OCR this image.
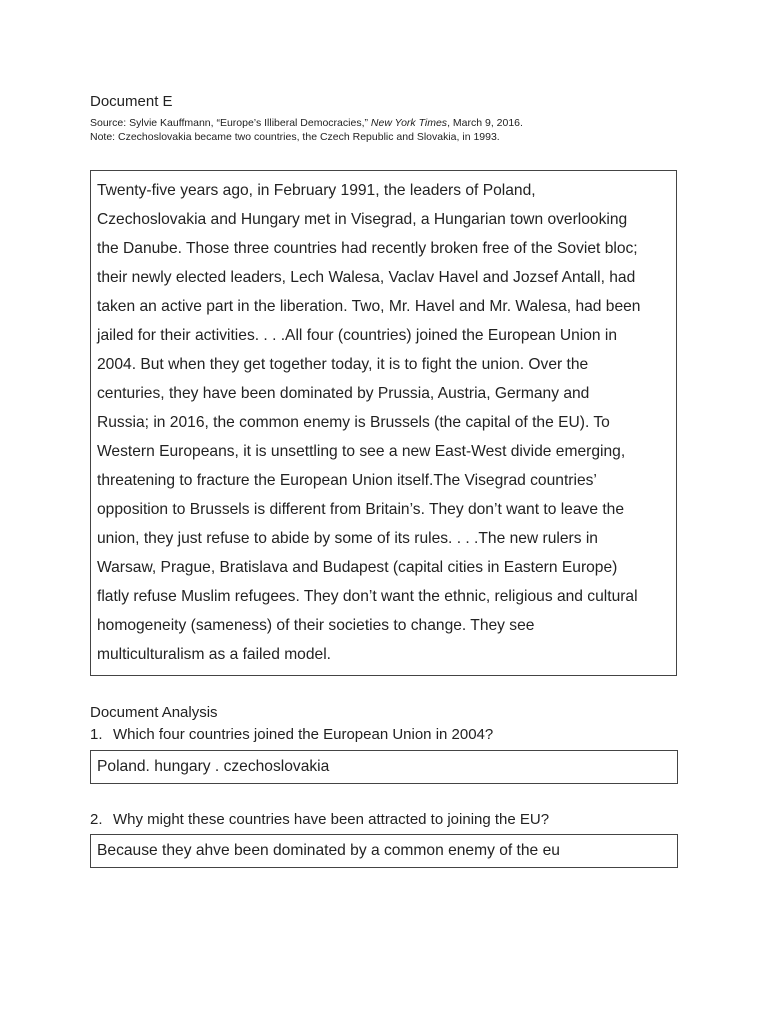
Document E
Source: Sylvie Kauffmann, “Europe’s Illiberal Democracies,” New York Times, March 9, 2016.
Note: Czechoslovakia became two countries, the Czech Republic and Slovakia, in 1993.
Twenty-five years ago, in February 1991, the leaders of Poland,
Czechoslovakia and Hungary met in Visegrad, a Hungarian town overlooking
the Danube. Those three countries had recently broken free of the Soviet bloc;
their newly elected leaders, Lech Walesa, Vaclav Havel and Jozsef Antall, had
taken an active part in the liberation. Two, Mr. Havel and Mr. Walesa, had been
jailed for their activities. . . .All four (countries) joined the European Union in
2004. But when they get together today, it is to fight the union. Over the
centuries, they have been dominated by Prussia, Austria, Germany and
Russia; in 2016, the common enemy is Brussels (the capital of the EU). To
Western Europeans, it is unsettling to see a new East-West divide emerging,
threatening to fracture the European Union itself.The Visegrad countries’
opposition to Brussels is different from Britain’s. They don’t want to leave the
union, they just refuse to abide by some of its rules. . . .The new rulers in
Warsaw, Prague, Bratislava and Budapest (capital cities in Eastern Europe)
flatly refuse Muslim refugees. They don’t want the ethnic, religious and cultural
homogeneity (sameness) of their societies to change. They see
multiculturalism as a failed model.
Document Analysis
1. Which four countries joined the European Union in 2004?
Poland. hungary . czechoslovakia
2. Why might these countries have been attracted to joining the EU?
Because they ahve been dominated by a common enemy of the eu
